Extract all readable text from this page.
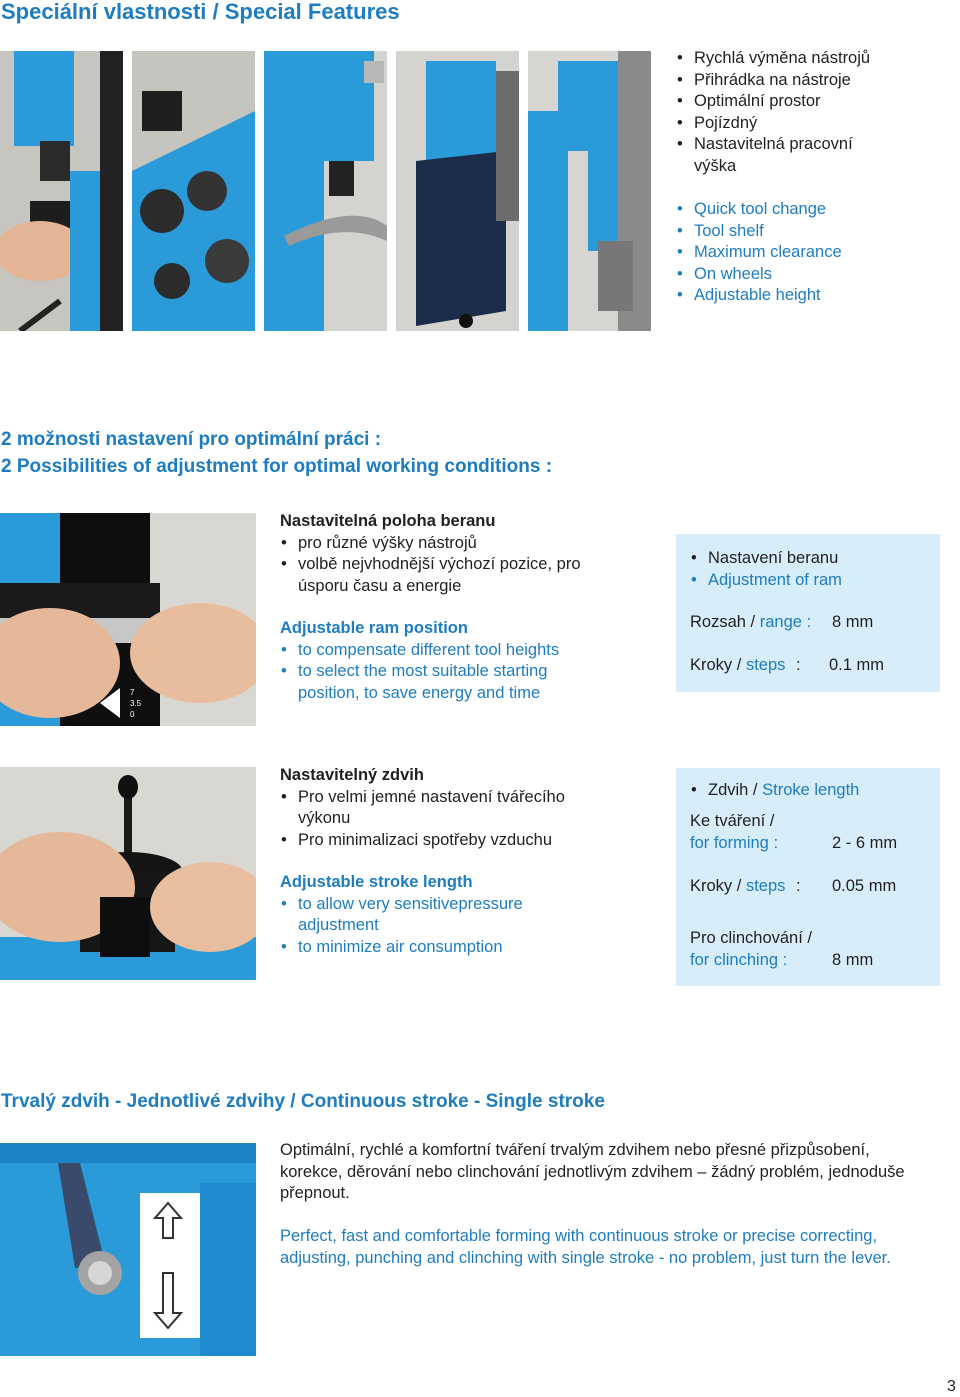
Speciální vlastnosti / Special Features
• Rychlá výměna nástrojů
• Přihrádka na nástroje
• Optimální prostor
• Pojízdný
• Nastavitelná pracovní výška
• Quick tool change
• Tool shelf
• Maximum clearance
• On wheels
• Adjustable height
2 možnosti nastavení pro optimální práci :
2 Possibilities of adjustment for optimal working conditions :
7
3.5
0
Nastavitelná poloha beranu
• pro různé výšky nástrojů
• volbě nejvhodnější výchozí pozice, pro úsporu času a energie
Adjustable ram position
• to compensate different tool heights
• to select the most suitable starting position, to save energy and time
• Nastavení beranu
• Adjustment of ram
Rozsah / range : 8 mm
Kroky / steps : 0.1 mm
Nastavitelný zdvih
• Pro velmi jemné nastavení tvářecího výkonu
• Pro minimalizaci spotřeby vzduchu
Adjustable stroke length
• to allow very sensitivepressure adjustment
• to minimize air consumption
• Zdvih / Stroke length
Ke tváření /
for forming :	2 - 6 mm
Kroky / steps : 0.05 mm
Pro clinchování /
for clinching :	8 mm
Trvalý zdvih - Jednotlivé zdvihy / Continuous stroke - Single stroke
Optimální, rychlé a komfortní tváření trvalým zdvihem nebo přesné přizpůsobení, korekce, děrování nebo clinchování jednotlivým zdvihem – žádný problém, jednoduše přepnout.
Perfect, fast and comfortable forming with continuous stroke or precise correcting, adjusting, punching and clinching with single stroke - no problem, just turn the lever.
3
